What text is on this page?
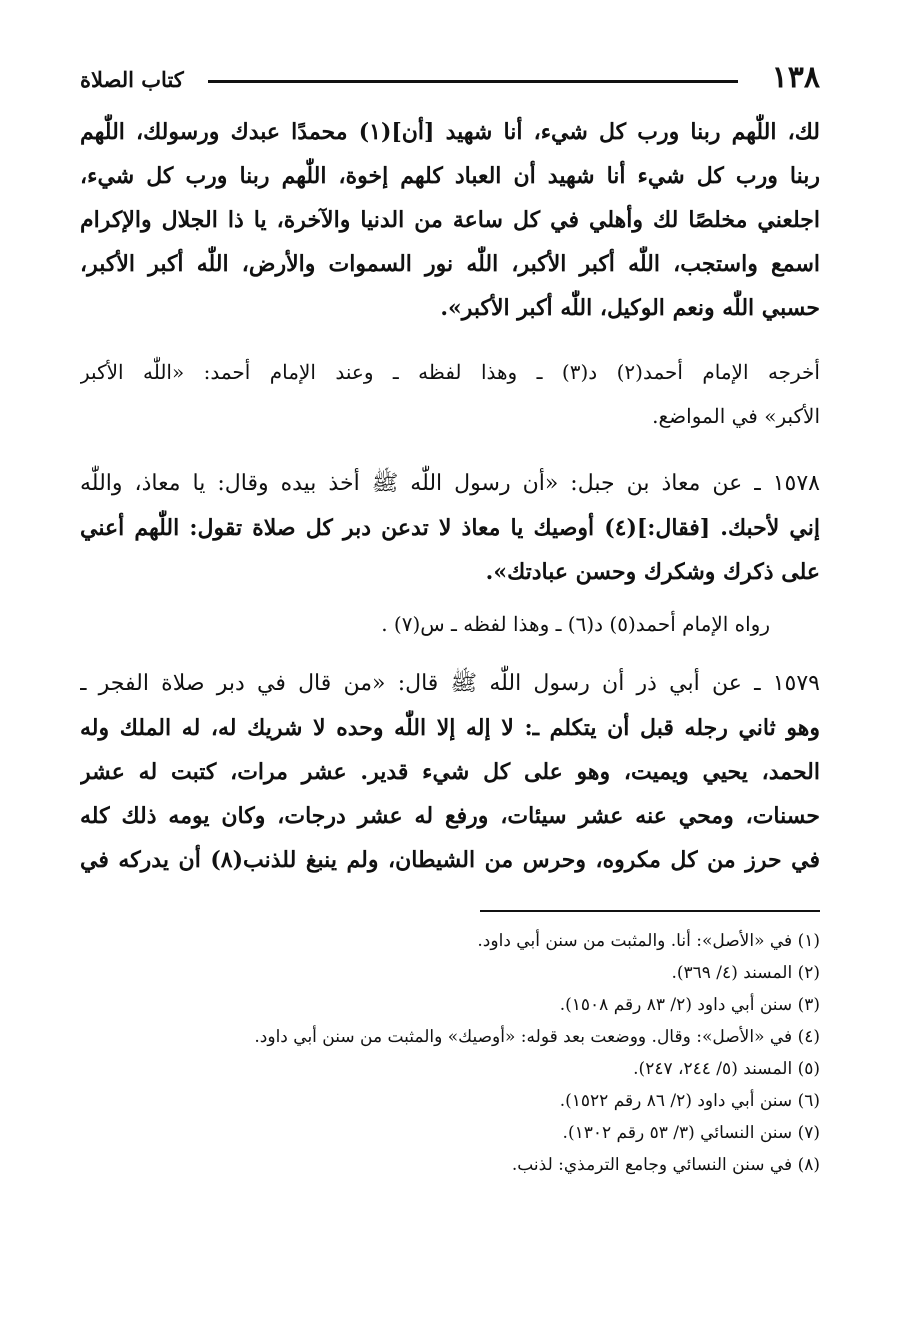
١٣٨
كتاب الصلاة
لك، اللّٰهم ربنا ورب كل شيء، أنا شهيد [أن](١) محمدًا عبدك ورسولك، اللّٰهم
ربنا ورب كل شيء أنا شهيد أن العباد كلهم إخوة، اللّٰهم ربنا ورب كل شيء،
اجلعني مخلصًا لك وأهلي في كل ساعة من الدنيا والآخرة، يا ذا الجلال والإكرام
اسمع واستجب، اللّٰه أكبر الأكبر، اللّٰه نور السموات والأرض، اللّٰه أكبر الأكبر،
حسبي اللّٰه ونعم الوكيل، اللّٰه أكبر الأكبر».
أخرجه الإمام أحمد(٢) د(٣) ـ وهذا لفظه ـ وعند الإمام أحمد: «اللّٰه الأكبر
الأكبر» في المواضع.
١٥٧٨ ـ عن معاذ بن جبل: «أن رسول اللّٰه ﷺ أخذ بيده وقال: يا معاذ، واللّٰه
إني لأحبك. [فقال:](٤) أوصيك يا معاذ لا تدعن دبر كل صلاة تقول: اللّٰهم أعني
على ذكرك وشكرك وحسن عبادتك».
رواه الإمام أحمد(٥) د(٦) ـ وهذا لفظه ـ س(٧) .
١٥٧٩ ـ عن أبي ذر أن رسول اللّٰه ﷺ قال: «من قال في دبر صلاة الفجر ـ
وهو ثاني رجله قبل أن يتكلم ـ: لا إله إلا اللّٰه وحده لا شريك له، له الملك وله
الحمد، يحيي ويميت، وهو على كل شيء قدير. عشر مرات، كتبت له عشر
حسنات، ومحي عنه عشر سيئات، ورفع له عشر درجات، وكان يومه ذلك كله
في حرز من كل مكروه، وحرس من الشيطان، ولم ينبغ للذنب(٨) أن يدركه في
(١) في «الأصل»: أنا. والمثبت من سنن أبي داود.
(٢) المسند (٤/ ٣٦٩).
(٣) سنن أبي داود (٢/ ٨٣ رقم ١٥٠٨).
(٤) في «الأصل»: وقال. ووضعت بعد قوله: «أوصيك» والمثبت من سنن أبي داود.
(٥) المسند (٥/ ٢٤٤، ٢٤٧).
(٦) سنن أبي داود (٢/ ٨٦ رقم ١٥٢٢).
(٧) سنن النسائي (٣/ ٥٣ رقم ١٣٠٢).
(٨) في سنن النسائي وجامع الترمذي: لذنب.
